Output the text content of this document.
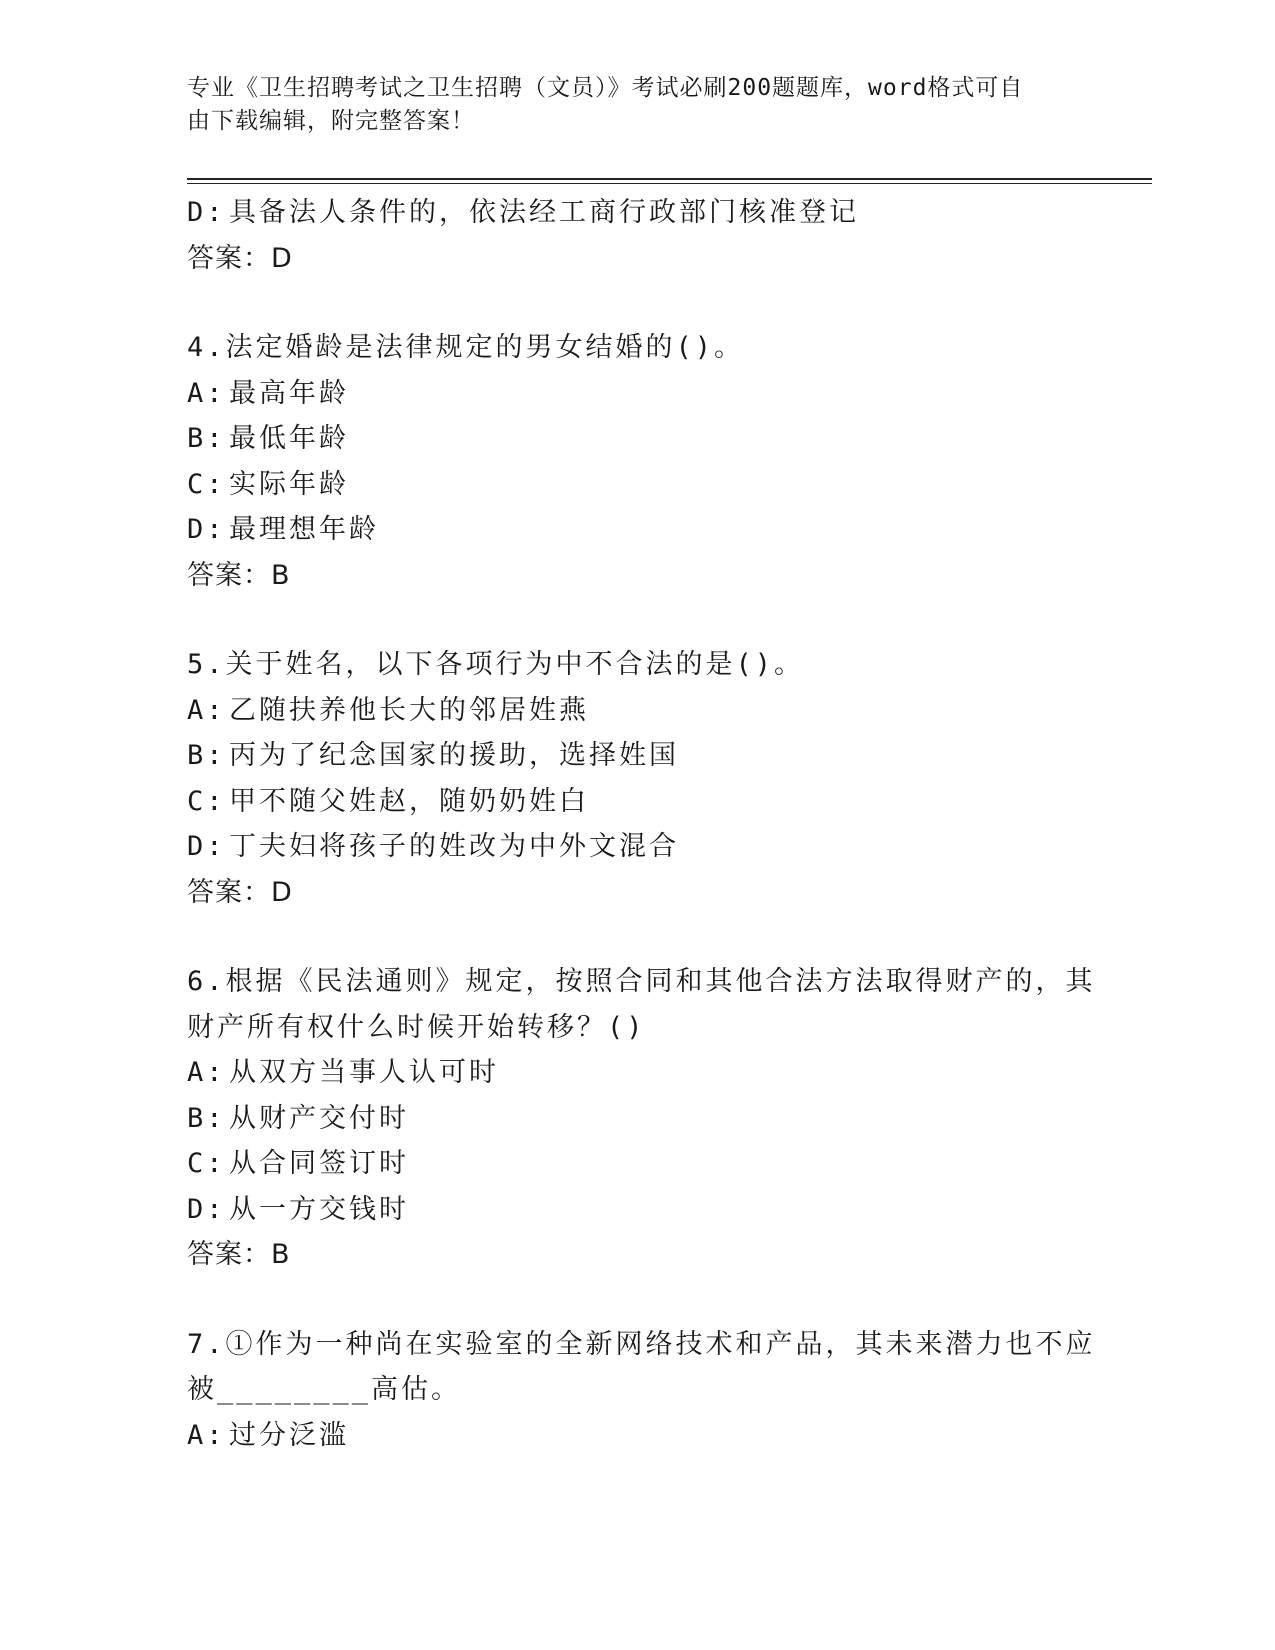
专业《卫生招聘考试之卫生招聘（文员）》考试必刷200题题库，word格式可自
由下载编辑，附完整答案！
D: 具备法人条件的，依法经工商行政部门核准登记
答案：D
4.法定婚龄是法律规定的男女结婚的()。
A: 最高年龄
B: 最低年龄
C: 实际年龄
D: 最理想年龄
答案：B
5.关于姓名，以下各项行为中不合法的是()。
A: 乙随扶养他长大的邻居姓燕
B: 丙为了纪念国家的援助，选择姓国
C: 甲不随父姓赵，随奶奶姓白
D: 丁夫妇将孩子的姓改为中外文混合
答案：D
6.根据《民法通则》规定，按照合同和其他合法方法取得财产的，其
财产所有权什么时候开始转移？()
A: 从双方当事人认可时
B: 从财产交付时
C: 从合同签订时
D: 从一方交钱时
答案：B
7.①作为一种尚在实验室的全新网络技术和产品，其未来潜力也不应
被________高估。
A: 过分泛滥
